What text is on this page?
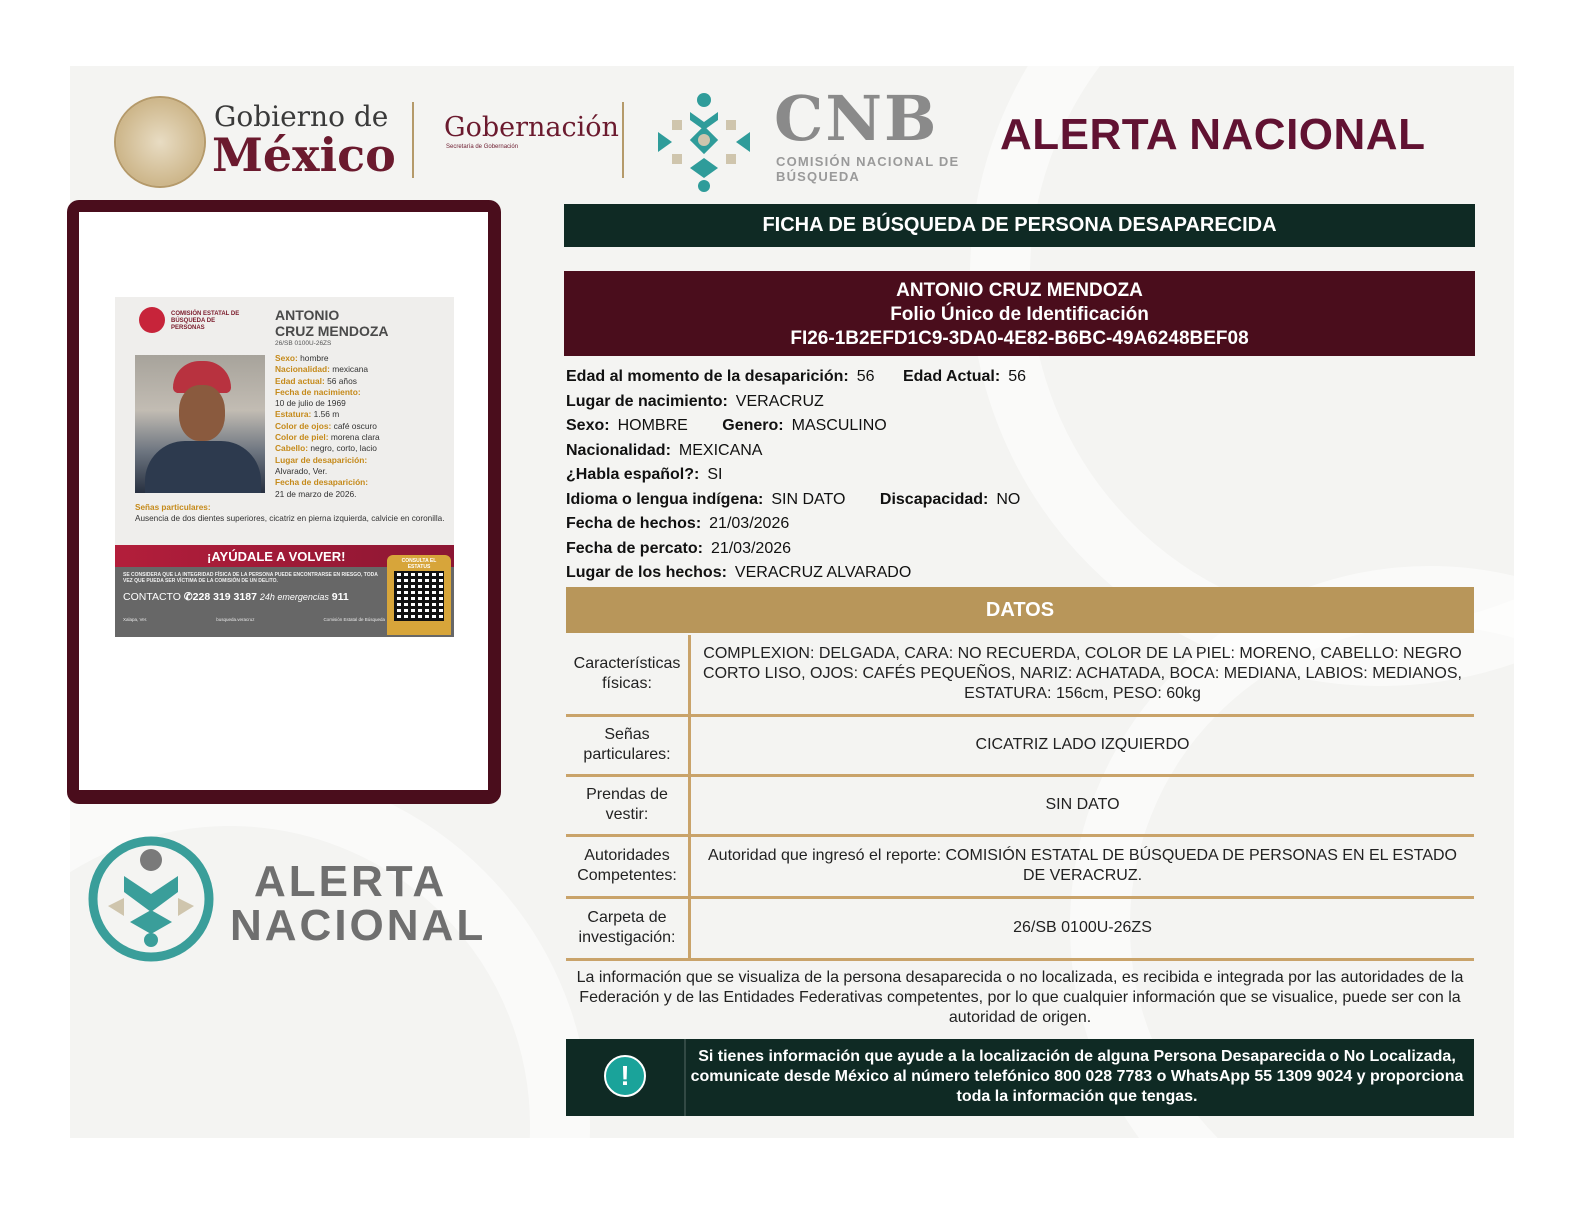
Gobierno de
México
Gobernación
Secretaría de Gobernación	CNB
COMISIÓN NACIONAL DE BÚSQUEDA
ALERTA NACIONAL
COMISIÓN ESTATAL DE BÚSQUEDA DE PERSONAS
ANTONIO
CRUZ MENDOZA
26/SB 0100U-26ZS
Sexo: hombre
Nacionalidad: mexicana
Edad actual: 56 años
Fecha de nacimiento:
10 de julio de 1969
Estatura: 1.56 m
Color de ojos: café oscuro
Color de piel: morena clara
Cabello: negro, corto, lacio
Lugar de desaparición:
Alvarado, Ver.
Fecha de desaparición:
21 de marzo de 2026.
Señas particulares:
Ausencia de dos dientes superiores, cicatriz en pierna izquierda, calvicie en coronilla.
¡AYÚDALE A VOLVER!
SE CONSIDERA QUE LA INTEGRIDAD FÍSICA DE LA PERSONA PUEDE ENCONTRARSE EN RIESGO, TODA VEZ QUE PUEDA SER VÍCTIMA DE LA COMISIÓN DE UN DELITO.
CONTACTO ✆228 319 3187 24h emergencias 911
Xalapa, Ver.	busqueda.veracruz	Comisión Estatal de Búsqueda
CONSULTA EL ESTATUS
ALERTA
NACIONAL
FICHA DE BÚSQUEDA DE PERSONA DESAPARECIDA
ANTONIO CRUZ MENDOZA
Folio Único de Identificación
FI26-1B2EFD1C9-3DA0-4E82-B6BC-49A6248BEF08
Edad al momento de la desaparición: 56 Edad Actual: 56
Lugar de nacimiento: VERACRUZ
Sexo: HOMBRE Genero: MASCULINO
Nacionalidad: MEXICANA
¿Habla español?: SI
Idioma o lengua indígena: SIN DATO Discapacidad: NO
Fecha de hechos: 21/03/2026
Fecha de percato: 21/03/2026
Lugar de los hechos: VERACRUZ ALVARADO
DATOS
Características físicas:	COMPLEXION: DELGADA, CARA: NO RECUERDA, COLOR DE LA PIEL: MORENO, CABELLO: NEGRO CORTO LISO, OJOS: CAFÉS PEQUEÑOS, NARIZ: ACHATADA, BOCA: MEDIANA, LABIOS: MEDIANOS, ESTATURA: 156cm, PESO: 60kg
Señas particulares:	CICATRIZ LADO IZQUIERDO
Prendas de vestir:	SIN DATO
Autoridades Competentes:	Autoridad que ingresó el reporte: COMISIÓN ESTATAL DE BÚSQUEDA DE PERSONAS EN EL ESTADO DE VERACRUZ.
Carpeta de investigación:	26/SB 0100U-26ZS
La información que se visualiza de la persona desaparecida o no localizada, es recibida e integrada por las autoridades de la Federación y de las Entidades Federativas competentes, por lo que cualquier información que se visualice, puede ser con la autoridad de origen.
!
Si tienes información que ayude a la localización de alguna Persona Desaparecida o No Localizada, comunicate desde México al número telefónico 800 028 7783 o WhatsApp 55 1309 9024 y proporciona toda la información que tengas.
